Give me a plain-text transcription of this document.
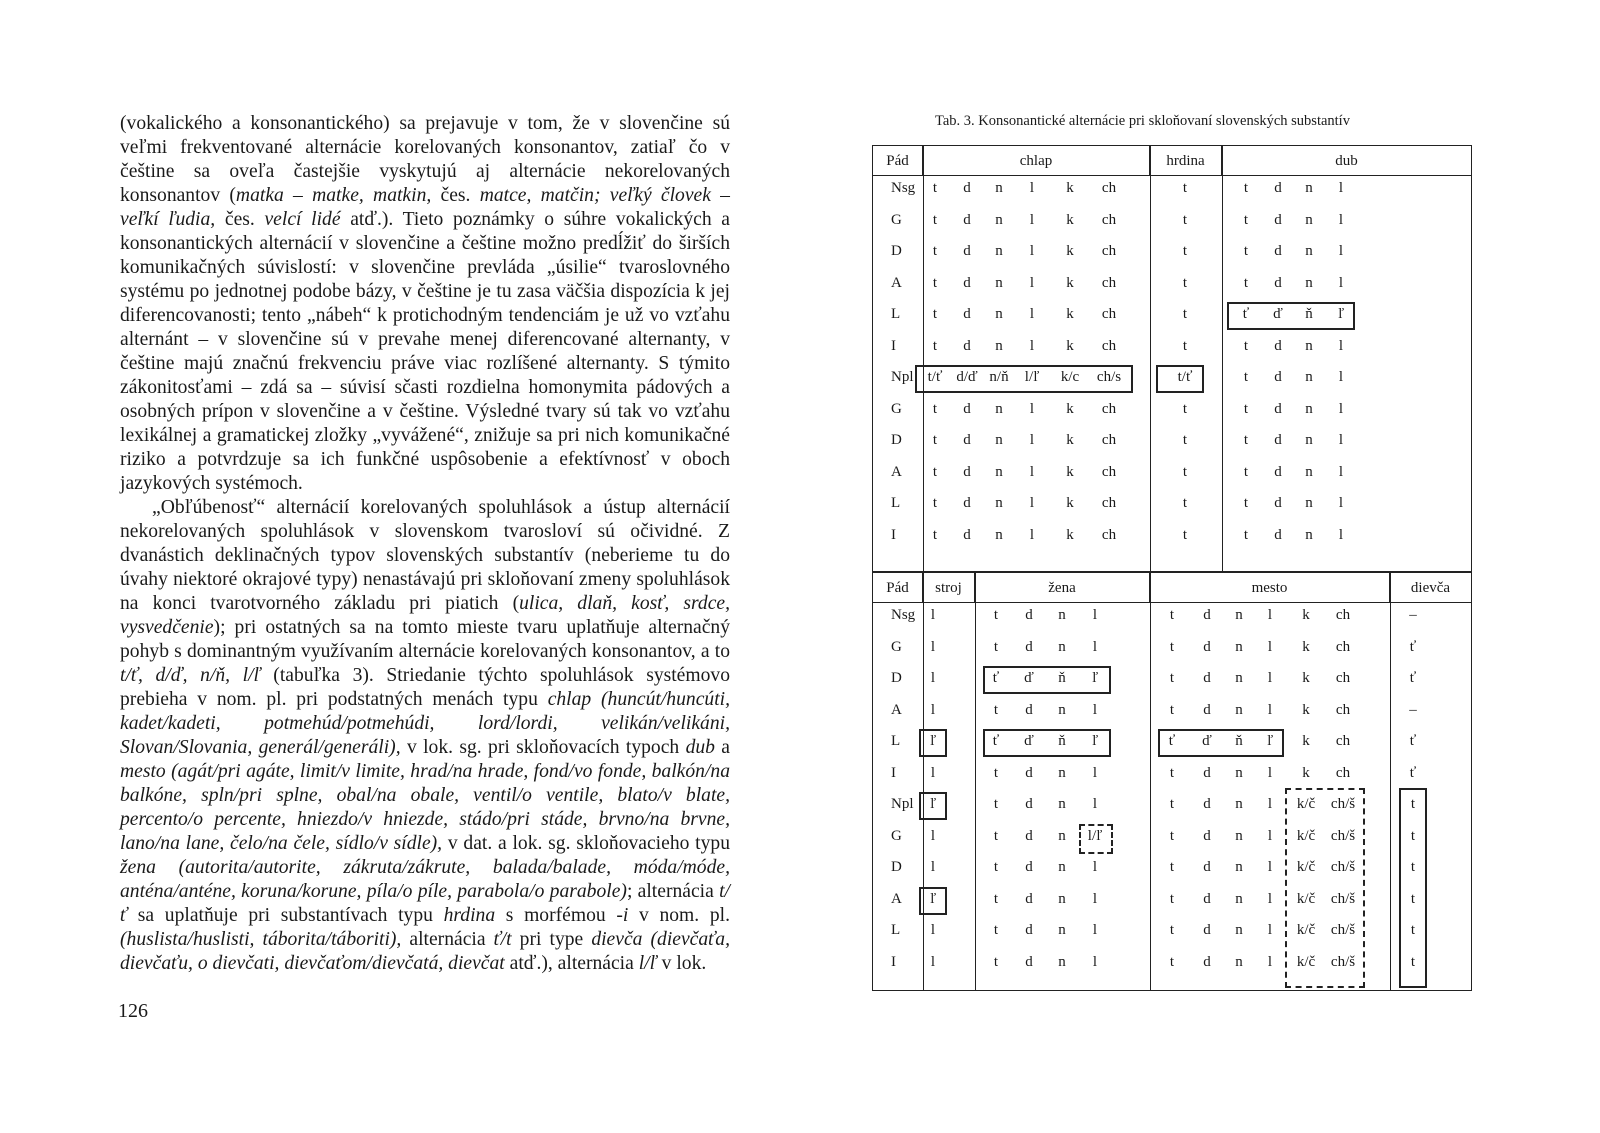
(vokalického a konsonantického) sa prejavuje v tom, že v slovenčine sú veľmi frekventované alternácie korelovaných konsonantov, zatiaľ čo v češtine sa oveľa častejšie vyskytujú aj alternácie nekorelovaných konsonantov (matka – matke, matkin, čes. matce, matčin; veľký človek – veľkí ľudia, čes. velcí lidé atď.). Tieto poznámky o súhre vokalických a konsonantických alternácií v slovenčine a češtine možno predĺžiť do širších komunikačných súvislostí: v slovenčine prevláda „úsilie“ tvaroslovného systému po jednotnej podobe bázy, v češtine je tu zasa väčšia dispozícia k jej diferencovanosti; tento „nábeh“ k protichodným tendenciám je už vo vzťahu alternánt – v slovenčine sú v prevahe menej diferencované alternanty, v češtine majú značnú frekvenciu práve viac rozlíšené alternanty. S týmito zákonitosťami – zdá sa – súvisí sčasti rozdielna homonymita pádových a osobných prípon v slovenčine a v češtine. Výsledné tvary sú tak vo vzťahu lexikálnej a gramatickej zložky „vyvážené“, znižuje sa pri nich komunikačné riziko a potvrdzuje sa ich funkčné uspôsobenie a efektívnosť v oboch jazykových systémoch.

„Obľúbenosť“ alternácií korelovaných spoluhlások a ústup alternácií nekorelovaných spoluhlások v slovenskom tvarosloví sú očividné. Z dvanástich deklinačných typov slovenských substantív (neberieme tu do úvahy niektoré okrajové typy) nenastávajú pri skloňovaní zmeny spoluhlások na konci tvarotvorného základu pri piatich (ulica, dlaň, kosť, srdce, vysvedčenie); pri ostatných sa na tomto mieste tvaru uplatňuje alternačný pohyb s dominantným využívaním alternácie korelovaných konsonantov, a to t/ť, d/ď, n/ň, l/ľ (tabuľka 3). Striedanie týchto spoluhlások systémovo prebieha v nom. pl. pri podstatných menách typu chlap (huncút/huncúti, kadet/kadeti, potmehúd/potmehúdi, lord/lordi, velikán/velikáni, Slovan/Slovania, generál/generáli), v lok. sg. pri skloňovacích typoch dub a mesto (agát/pri agáte, limit/v limite, hrad/na hrade, fond/vo fonde, balkón/na balkóne, spln/pri splne, obal/na obale, ventil/o ventile, blato/v blate, percento/o percente, hniezdo/v hniezde, stádo/pri stáde, brvno/na brvne, lano/na lane, čelo/na čele, sídlo/v sídle), v dat. a lok. sg. skloňovacieho typu žena (autorita/autorite, zákruta/zákrute, balada/balade, móda/móde, anténa/anténe, koruna/korune, píla/o píle, parabola/o parabole); alternácia t/ť sa uplatňuje pri substantívach typu hrdina s morfémou -i v nom. pl. (huslista/huslisti, táborita/táboriti), alternácia ť/t pri type dievča (dievčaťa, dievčaťu, o dievčati, dievčaťom/dievčatá, dievčat atď.), alternácia l/ľ v lok.

126
Tab. 3. Konsonantické alternácie pri skloňovaní slovenských substantív
Pád	chlap	hrdina	dub
Nsg	t	d	n	l	k	ch	t	t	d	n	l
G	t	d	n	l	k	ch	t	t	d	n	l
D	t	d	n	l	k	ch	t	t	d	n	l
A	t	d	n	l	k	ch	t	t	d	n	l
L	t	d	n	l	k	ch	t	ť	ď	ň	ľ
I	t	d	n	l	k	ch	t	t	d	n	l
Npl t/ť d/ď n/ň	l/ľ	k/c	ch/s	t/ť	t	d	n	l
G	t	d	n	l	k	ch	t	t	d	n	l
D	t	d	n	l	k	ch	t	t	d	n	l
A	t	d	n	l	k	ch	t	t	d	n	l
L	t	d	n	l	k	ch	t	t	d	n	l
I	t	d	n	l	k	ch	t	t	d	n	l
Pád	stroj	žena	mesto	dievča
Nsg	l	t	d	n	l	t	d	n	l	k	ch	–
G	l	t	d	n	l	t	d	n	l	k	ch	ť
D	l	ť	ď	ň	ľ	t	d	n	l	k	ch	ť
A	l	t	d	n	l	t	d	n	l	k	ch	–
L	ľ	ť	ď	ň	ľ	ť	ď	ň	ľ	k	ch	ť
I	l	t	d	n	l	t	d	n	l	k	ch	ť
Npl	ľ	t	d	n	l	t	d	n	l	k/č	ch/š	t
G	l	t	d	n	l/ľ	t	d	n	l	k/č	ch/š	t
D	l	t	d	n	l	t	d	n	l	k/č	ch/š	t
A	ľ	t	d	n	l	t	d	n	l	k/č	ch/š	t
L	l	t	d	n	l	t	d	n	l	k/č	ch/š	t
I	l	t	d	n	l	t	d	n	l	k/č	ch/š	t
